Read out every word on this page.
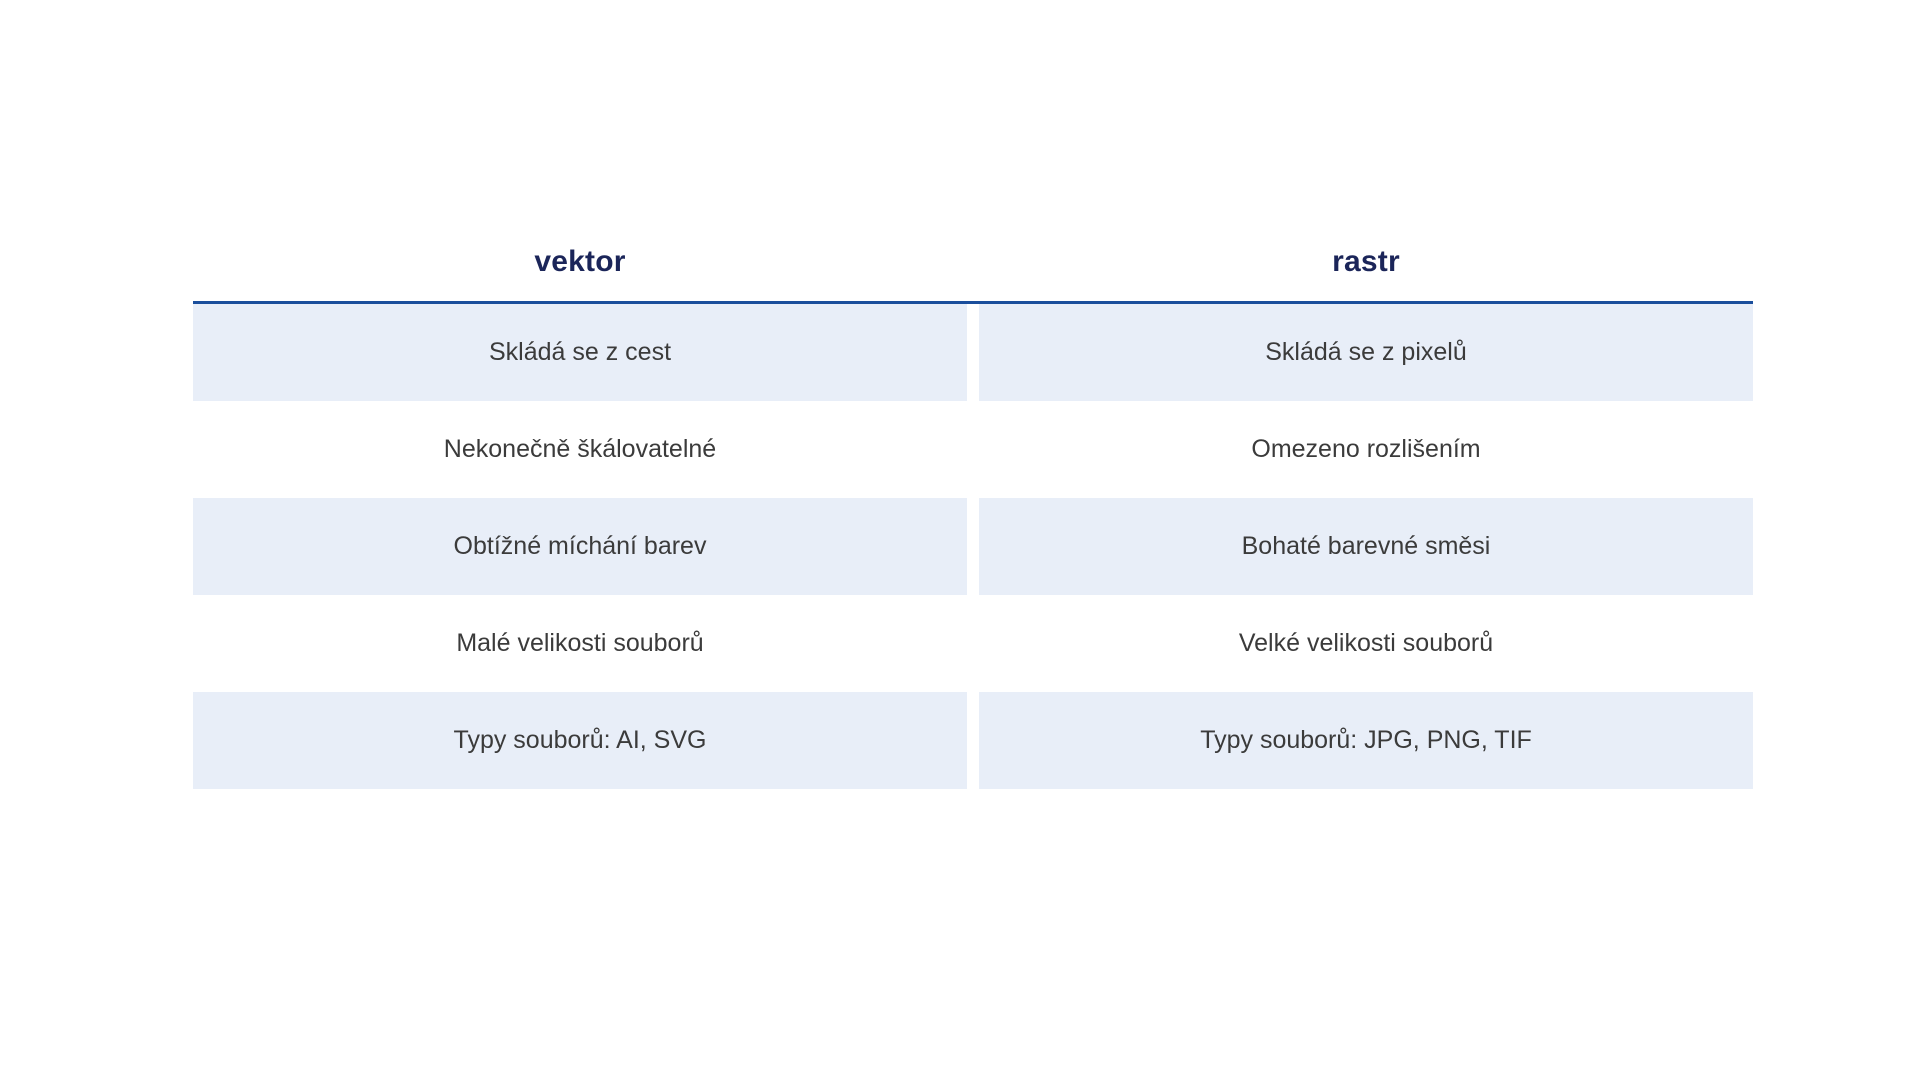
vektor	rastr
Skládá se z cest	Skládá se z pixelů
Nekonečně škálovatelné	Omezeno rozlišením
Obtížné míchání barev	Bohaté barevné směsi
Malé velikosti souborů	Velké velikosti souborů
Typy souborů: AI, SVG	Typy souborů: JPG, PNG, TIF
